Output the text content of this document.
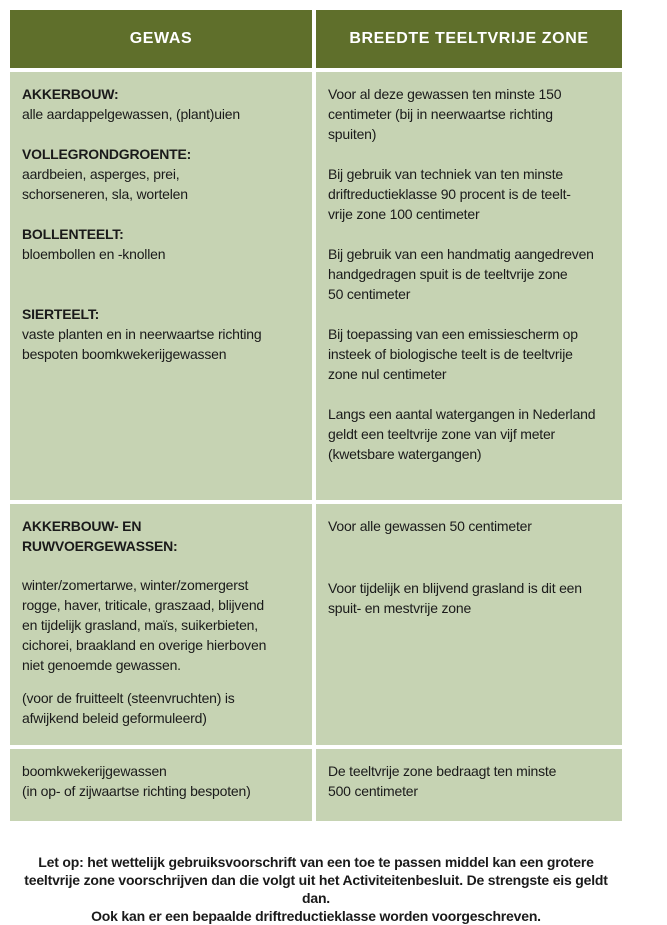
GEWAS	BREEDTE TEELTVRIJE ZONE
AKKERBOUW:
alle aardappelgewassen, (plant)uien
VOLLEGRONDGROENTE:
aardbeien, asperges, prei,
schorseneren, sla, wortelen
BOLLENTEELT:
bloembollen en -knollen
SIERTEELT:
vaste planten en in neerwaartse richting
bespoten boomkwekerijgewassen
Voor al deze gewassen ten minste 150
centimeter (bij in neerwaartse richting
spuiten)
Bij gebruik van techniek van ten minste
driftreductieklasse 90 procent is de teelt-
vrije zone 100 centimeter
Bij gebruik van een handmatig aangedreven
handgedragen spuit is de teeltvrije zone
50 centimeter
Bij toepassing van een emissiescherm op
insteek of biologische teelt is de teeltvrije
zone nul centimeter
Langs een aantal watergangen in Nederland
geldt een teeltvrije zone van vijf meter
(kwetsbare watergangen)
AKKERBOUW- EN RUWVOERGEWASSEN:
winter/zomertarwe, winter/zomergerst
rogge, haver, triticale, graszaad, blijvend
en tijdelijk grasland, maïs, suikerbieten,
cichorei, braakland en overige hierboven
niet genoemde gewassen.
(voor de fruitteelt (steenvruchten) is
afwijkend beleid geformuleerd)
Voor alle gewassen 50 centimeter
Voor tijdelijk en blijvend grasland is dit een
spuit- en mestvrije zone
boomkwekerijgewassen
(in op- of zijwaartse richting bespoten)
De teeltvrije zone bedraagt ten minste
500 centimeter
Let op: het wettelijk gebruiksvoorschrift van een toe te passen middel kan een grotere
teeltvrije zone voorschrijven dan die volgt uit het Activiteitenbesluit. De strengste eis geldt dan.
Ook kan er een bepaalde driftreductieklasse worden voorgeschreven.
